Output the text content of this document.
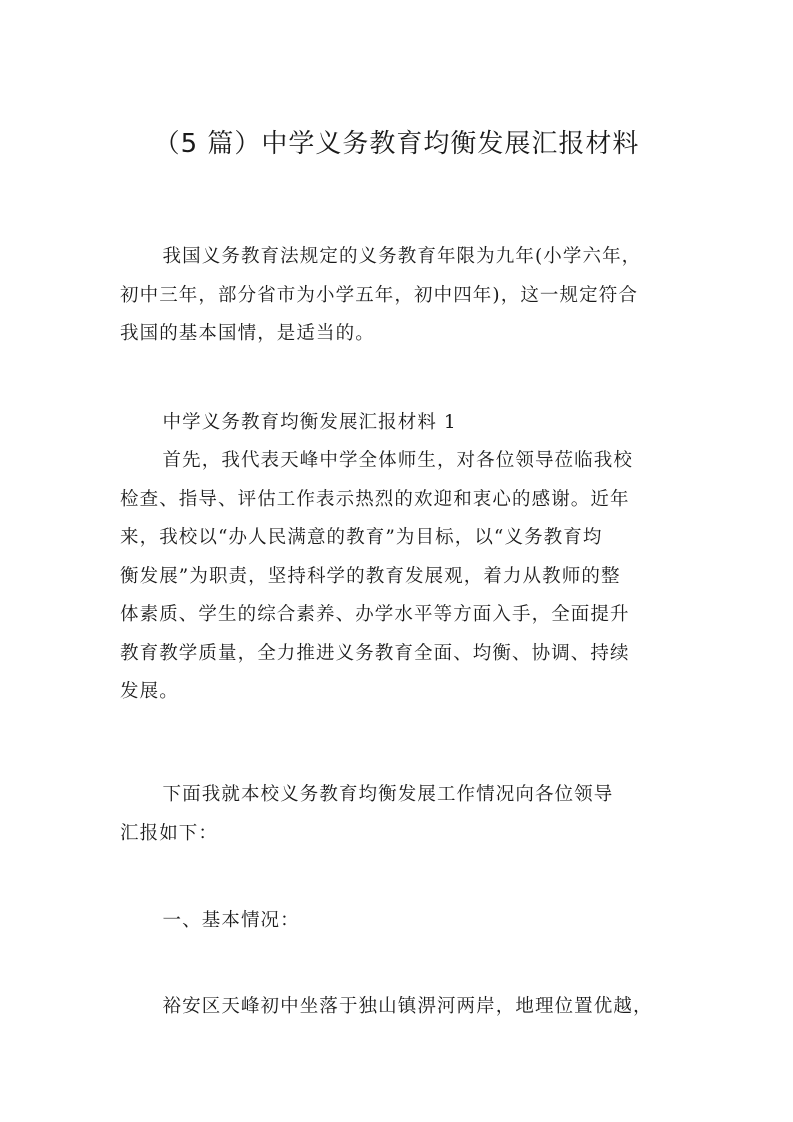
（5 篇）中学义务教育均衡发展汇报材料

我国义务教育法规定的义务教育年限为九年(小学六年，
初中三年，部分省市为小学五年，初中四年)，这一规定符合
我国的基本国情，是适当的。

中学义务教育均衡发展汇报材料 1

首先，我代表天峰中学全体师生，对各位领导莅临我校
检查、指导、评估工作表示热烈的欢迎和衷心的感谢。近年
来，我校以“办人民满意的教育”为目标，以“义务教育均
衡发展”为职责，坚持科学的教育发展观，着力从教师的整
体素质、学生的综合素养、办学水平等方面入手，全面提升
教育教学质量，全力推进义务教育全面、均衡、协调、持续
发展。

下面我就本校义务教育均衡发展工作情况向各位领导
汇报如下：

一、基本情况：

裕安区天峰初中坐落于独山镇淠河两岸，地理位置优越，
